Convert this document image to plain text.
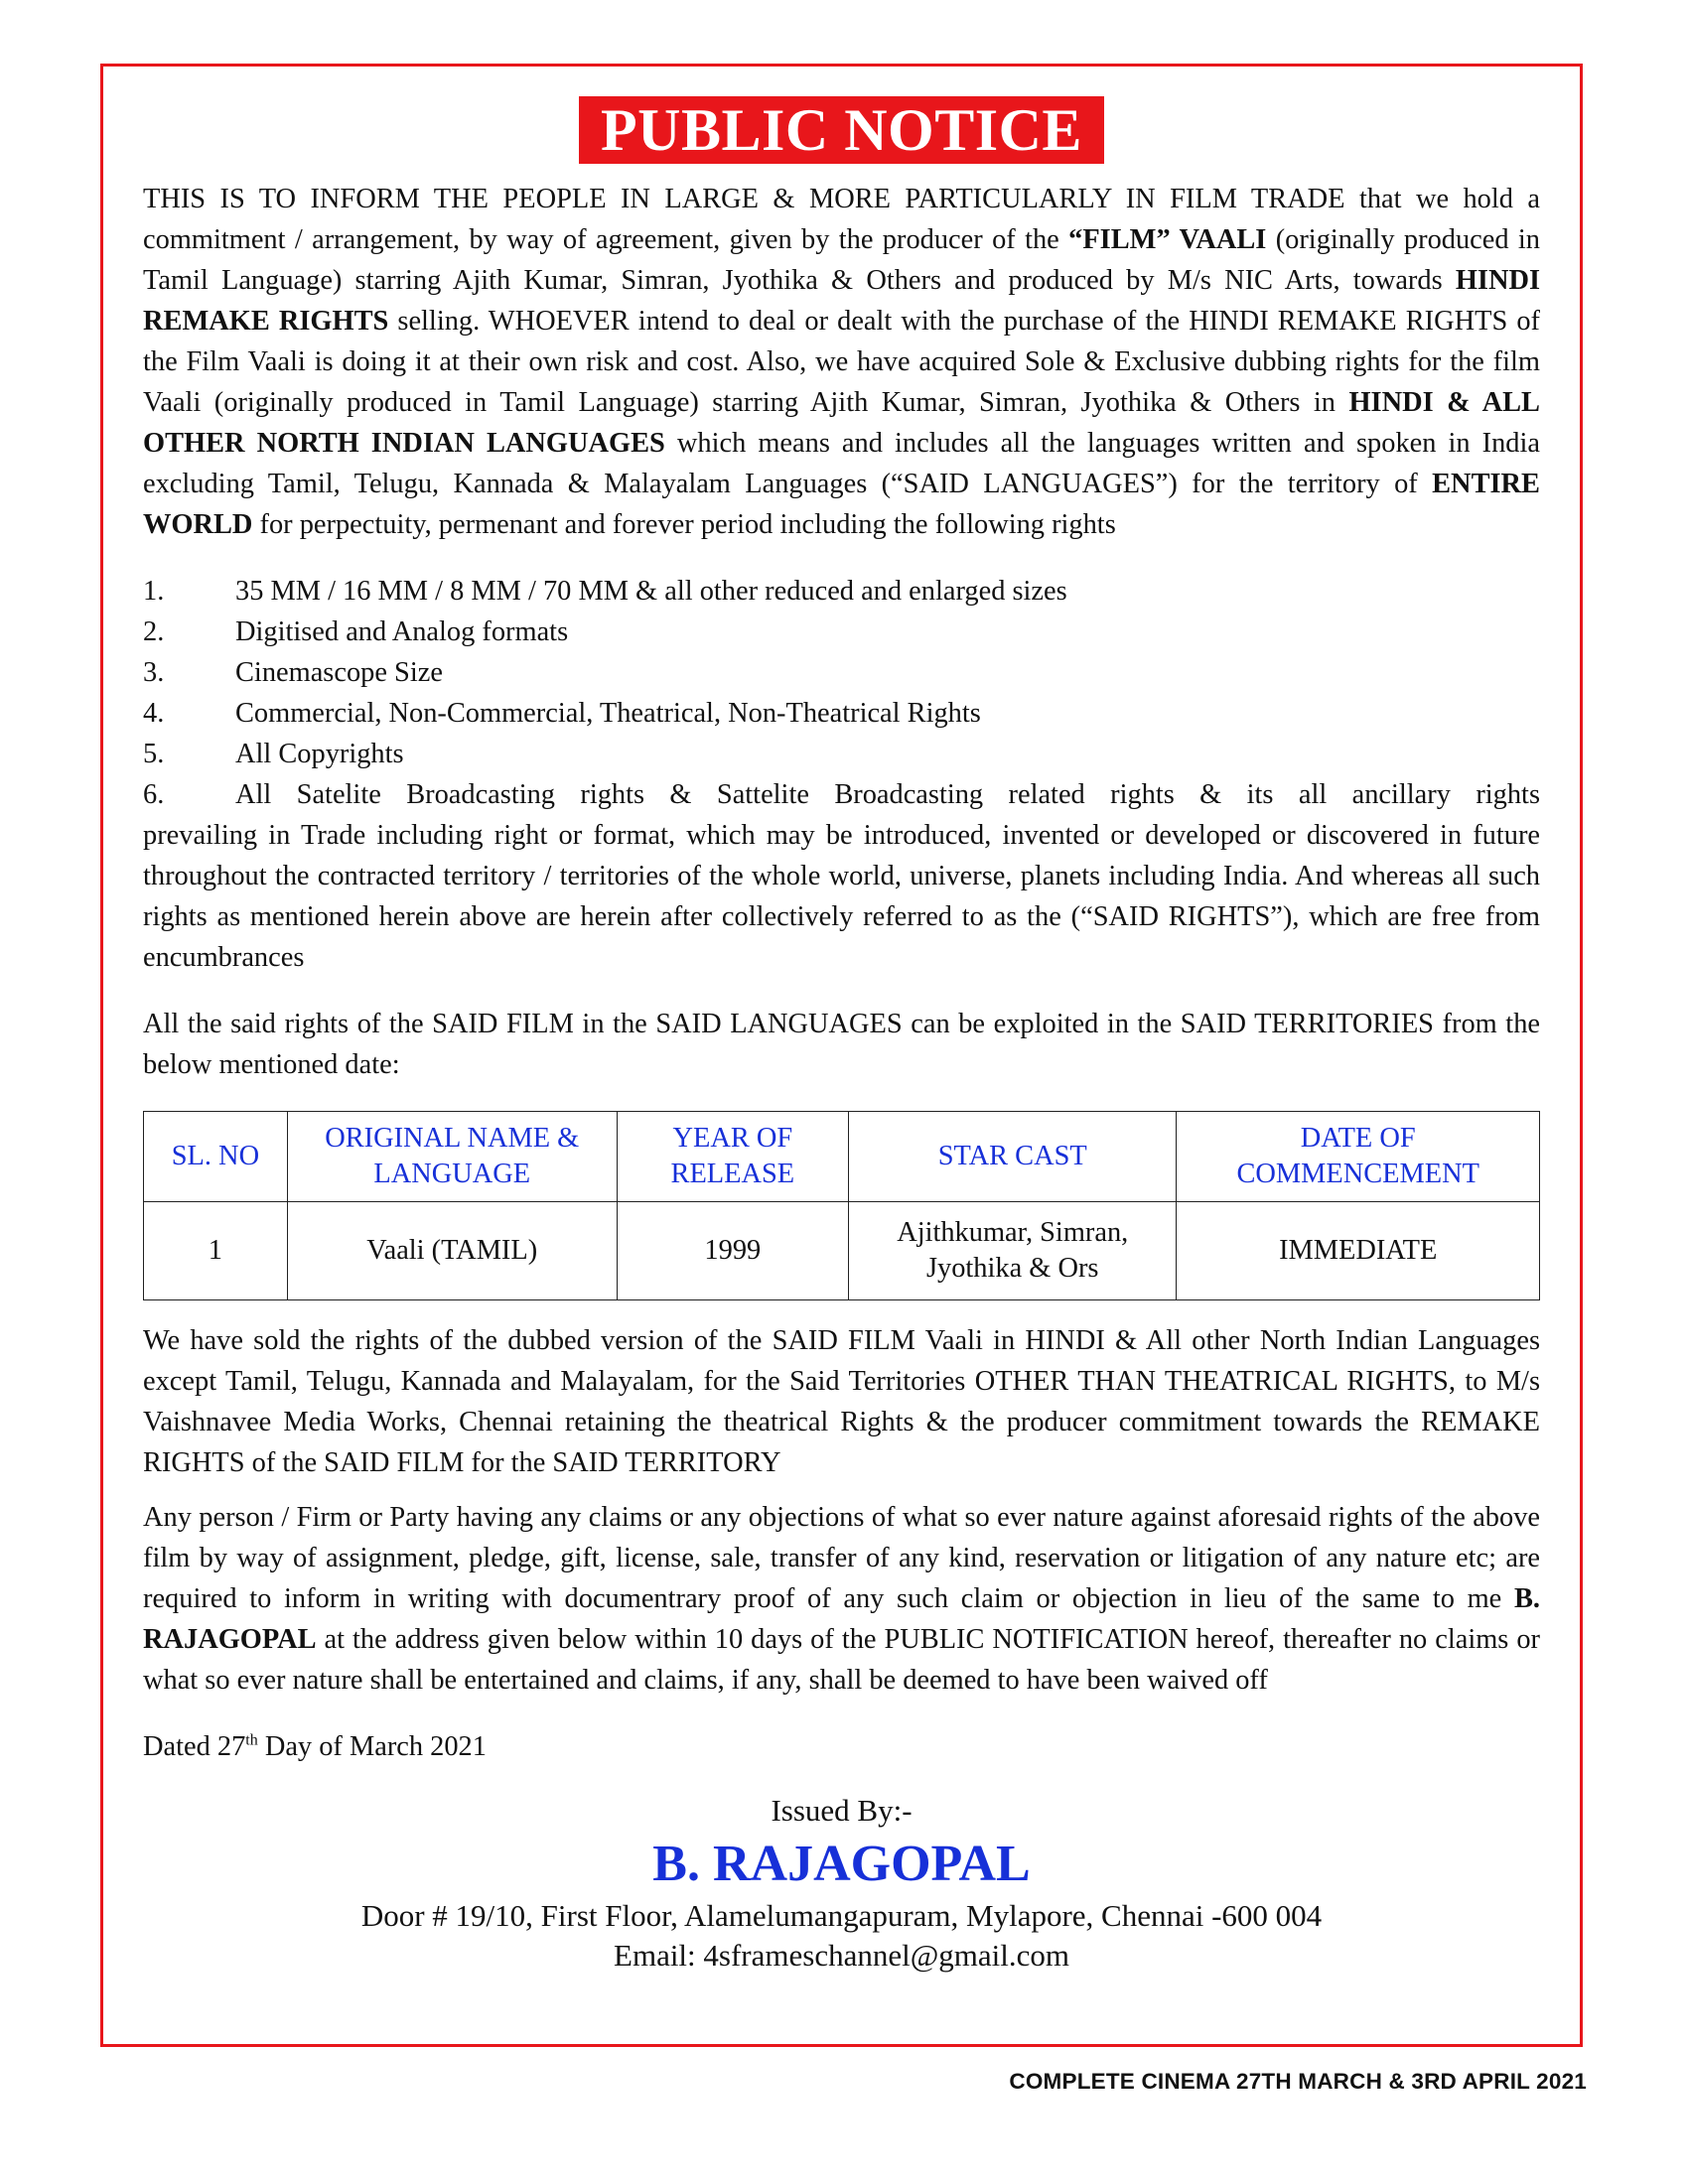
PUBLIC NOTICE

THIS IS TO INFORM THE PEOPLE IN LARGE & MORE PARTICULARLY IN FILM TRADE that we hold a commitment / arrangement, by way of agreement, given by the producer of the “FILM” VAALI (originally produced in Tamil Language) starring Ajith Kumar, Simran, Jyothika & Others and produced by M/s NIC Arts, towards HINDI REMAKE RIGHTS selling. WHOEVER intend to deal or dealt with the purchase of the HINDI REMAKE RIGHTS of the Film Vaali is doing it at their own risk and cost. Also, we have acquired Sole & Exclusive dubbing rights for the film Vaali (originally produced in Tamil Language) starring Ajith Kumar, Simran, Jyothika & Others in HINDI & ALL OTHER NORTH INDIAN LANGUAGES which means and includes all the languages written and spoken in India excluding Tamil, Telugu, Kannada & Malayalam Languages (“SAID LANGUAGES”) for the territory of ENTIRE WORLD for perpectuity, permenant and forever period including the following rights

1.	35 MM / 16 MM / 8 MM / 70 MM & all other reduced and enlarged sizes
2.	Digitised and Analog formats
3.	Cinemascope Size
4.	Commercial, Non-Commercial, Theatrical, Non-Theatrical Rights
5.	All Copyrights
6.	All Satelite Broadcasting rights & Sattelite Broadcasting related rights & its all ancillary rights

prevailing in Trade including right or format, which may be introduced, invented or developed or discovered in future throughout the contracted territory / territories of the whole world, universe, planets including India. And whereas all such rights as mentioned herein above are herein after collectively referred to as the (“SAID RIGHTS”), which are free from encumbrances

All the said rights of the SAID FILM in the SAID LANGUAGES can be exploited in the SAID TERRITORIES from the below mentioned date:

SL. NO	ORIGINAL NAME & LANGUAGE	YEAR OF RELEASE	STAR CAST	DATE OF COMMENCEMENT
1	Vaali (TAMIL)	1999	Ajithkumar, Simran, Jyothika & Ors	IMMEDIATE

We have sold the rights of the dubbed version of the SAID FILM Vaali in HINDI & All other North Indian Languages except Tamil, Telugu, Kannada and Malayalam, for the Said Territories OTHER THAN THEATRICAL RIGHTS, to M/s Vaishnavee Media Works, Chennai retaining the theatrical Rights & the producer commitment towards the REMAKE RIGHTS of the SAID FILM for the SAID TERRITORY

Any person / Firm or Party having any claims or any objections of what so ever nature against aforesaid rights of the above film by way of assignment, pledge, gift, license, sale, transfer of any kind, reservation or litigation of any nature etc; are required to inform in writing with documentrary proof of any such claim or objection in lieu of the same to me B. RAJAGOPAL at the address given below within 10 days of the PUBLIC NOTIFICATION hereof, thereafter no claims or what so ever nature shall be entertained and claims, if any, shall be deemed to have been waived off

Dated 27th Day of March 2021

Issued By:-

B. RAJAGOPAL

Door # 19/10, First Floor, Alamelumangapuram, Mylapore, Chennai -600 004

Email: 4sframeschannel@gmail.com

COMPLETE CINEMA 27TH MARCH & 3RD APRIL 2021
